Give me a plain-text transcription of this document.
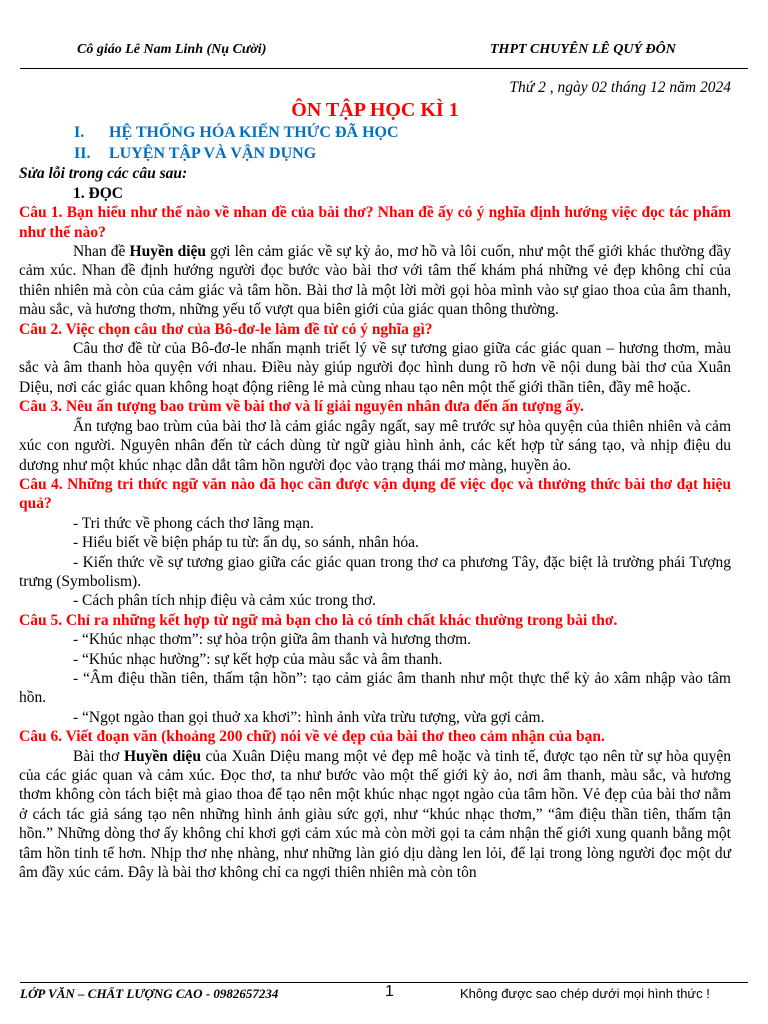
Cô giáo Lê Nam Linh (Nụ Cười)	THPT CHUYÊN LÊ QUÝ ĐÔN
Thứ 2 , ngày 02 tháng 12 năm 2024
ÔN TẬP HỌC KÌ 1
I. HỆ THỐNG HÓA KIẾN THỨC ĐÃ HỌC
II. LUYỆN TẬP VÀ VẬN DỤNG
Sửa lỗi trong các câu sau:
1. ĐỌC
Câu 1. Bạn hiểu như thế nào về nhan đề của bài thơ? Nhan đề ấy có ý nghĩa định hướng việc đọc tác phẩm như thế nào?
Nhan đề Huyền diệu gợi lên cảm giác về sự kỳ ảo, mơ hồ và lôi cuốn, như một thế giới khác thường đầy cảm xúc. Nhan đề định hướng người đọc bước vào bài thơ với tâm thế khám phá những vẻ đẹp không chỉ của thiên nhiên mà còn của cảm giác và tâm hồn. Bài thơ là một lời mời gọi hòa mình vào sự giao thoa của âm thanh, màu sắc, và hương thơm, những yếu tố vượt qua biên giới của giác quan thông thường.
Câu 2. Việc chọn câu thơ của Bô-đơ-le làm đề từ có ý nghĩa gì?
Câu thơ đề từ của Bô-đơ-le nhấn mạnh triết lý về sự tương giao giữa các giác quan – hương thơm, màu sắc và âm thanh hòa quyện với nhau. Điều này giúp người đọc hình dung rõ hơn về nội dung bài thơ của Xuân Diệu, nơi các giác quan không hoạt động riêng lẻ mà cùng nhau tạo nên một thế giới thần tiên, đầy mê hoặc.
Câu 3. Nêu ấn tượng bao trùm về bài thơ và lí giải nguyên nhân đưa đến ấn tượng ấy.
Ấn tượng bao trùm của bài thơ là cảm giác ngây ngất, say mê trước sự hòa quyện của thiên nhiên và cảm xúc con người. Nguyên nhân đến từ cách dùng từ ngữ giàu hình ảnh, các kết hợp từ sáng tạo, và nhịp điệu du dương như một khúc nhạc dẫn dắt tâm hồn người đọc vào trạng thái mơ màng, huyền ảo.
Câu 4. Những tri thức ngữ văn nào đã học cần được vận dụng để việc đọc và thưởng thức bài thơ đạt hiệu quả?
- Tri thức về phong cách thơ lãng mạn.
- Hiểu biết về biện pháp tu từ: ẩn dụ, so sánh, nhân hóa.
- Kiến thức về sự tương giao giữa các giác quan trong thơ ca phương Tây, đặc biệt là trường phái Tượng trưng (Symbolism).
- Cách phân tích nhịp điệu và cảm xúc trong thơ.
Câu 5. Chỉ ra những kết hợp từ ngữ mà bạn cho là có tính chất khác thường trong bài thơ.
- “Khúc nhạc thơm”: sự hòa trộn giữa âm thanh và hương thơm.
- “Khúc nhạc hường”: sự kết hợp của màu sắc và âm thanh.
- “Âm điệu thần tiên, thấm tận hồn”: tạo cảm giác âm thanh như một thực thể kỳ ảo xâm nhập vào tâm hồn.
- “Ngọt ngào than gọi thuở xa khơi”: hình ảnh vừa trừu tượng, vừa gợi cảm.
Câu 6. Viết đoạn văn (khoảng 200 chữ) nói về vẻ đẹp của bài thơ theo cảm nhận của bạn.
Bài thơ Huyền diệu của Xuân Diệu mang một vẻ đẹp mê hoặc và tinh tế, được tạo nên từ sự hòa quyện của các giác quan và cảm xúc. Đọc thơ, ta như bước vào một thế giới kỳ ảo, nơi âm thanh, màu sắc, và hương thơm không còn tách biệt mà giao thoa để tạo nên một khúc nhạc ngọt ngào của tâm hồn. Vẻ đẹp của bài thơ nằm ở cách tác giả sáng tạo nên những hình ảnh giàu sức gợi, như “khúc nhạc thơm,” “âm điệu thần tiên, thấm tận hồn.” Những dòng thơ ấy không chỉ khơi gợi cảm xúc mà còn mời gọi ta cảm nhận thế giới xung quanh bằng một tâm hồn tinh tế hơn. Nhịp thơ nhẹ nhàng, như những làn gió dịu dàng len lỏi, để lại trong lòng người đọc một dư âm đầy xúc cảm. Đây là bài thơ không chỉ ca ngợi thiên nhiên mà còn tôn
LỚP VĂN – CHẤT LƯỢNG CAO - 0982657234	1	Không được sao chép dưới mọi hình thức !
